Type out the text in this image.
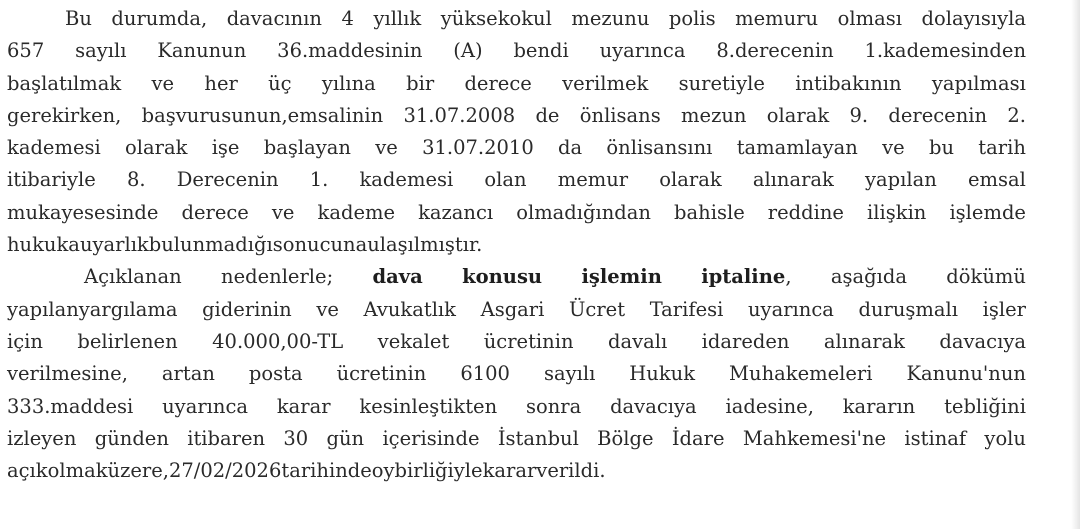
Bu durumda, davacının 4 yıllık yüksekokul mezunu polis memuru olması dolayısıyla
657 sayılı Kanunun 36.maddesinin (A) bendi uyarınca 8.derecenin 1.kademesinden
başlatılmak ve her üç yılına bir derece verilmek suretiyle intibakının yapılması
gerekirken, başvurusunun,emsalinin 31.07.2008 de önlisans mezun olarak 9. derecenin 2.
kademesi olarak işe başlayan ve 31.07.2010 da önlisansını tamamlayan ve bu tarih
itibariyle 8. Derecenin 1. kademesi olan memur olarak alınarak yapılan emsal
mukayesesinde derece ve kademe kazancı olmadığından bahisle reddine ilişkin işlemde
hukuka uyarlık bulunmadığı sonucuna ulaşılmıştır.
Açıklanan nedenlerle; dava konusu işlemin iptaline, aşağıda dökümü
yapılanyargılama giderinin ve Avukatlık Asgari Ücret Tarifesi uyarınca duruşmalı işler
için belirlenen 40.000,00-TL vekalet ücretinin davalı idareden alınarak davacıya
verilmesine, artan posta ücretinin 6100 sayılı Hukuk Muhakemeleri Kanunu'nun
333.maddesi uyarınca karar kesinleştikten sonra davacıya iadesine, kararın tebliğini
izleyen günden itibaren 30 gün içerisinde İstanbul Bölge İdare Mahkemesi'ne istinaf yolu
açık olmak üzere, 27/02/2026 tarihinde oybirliğiyle karar verildi.
